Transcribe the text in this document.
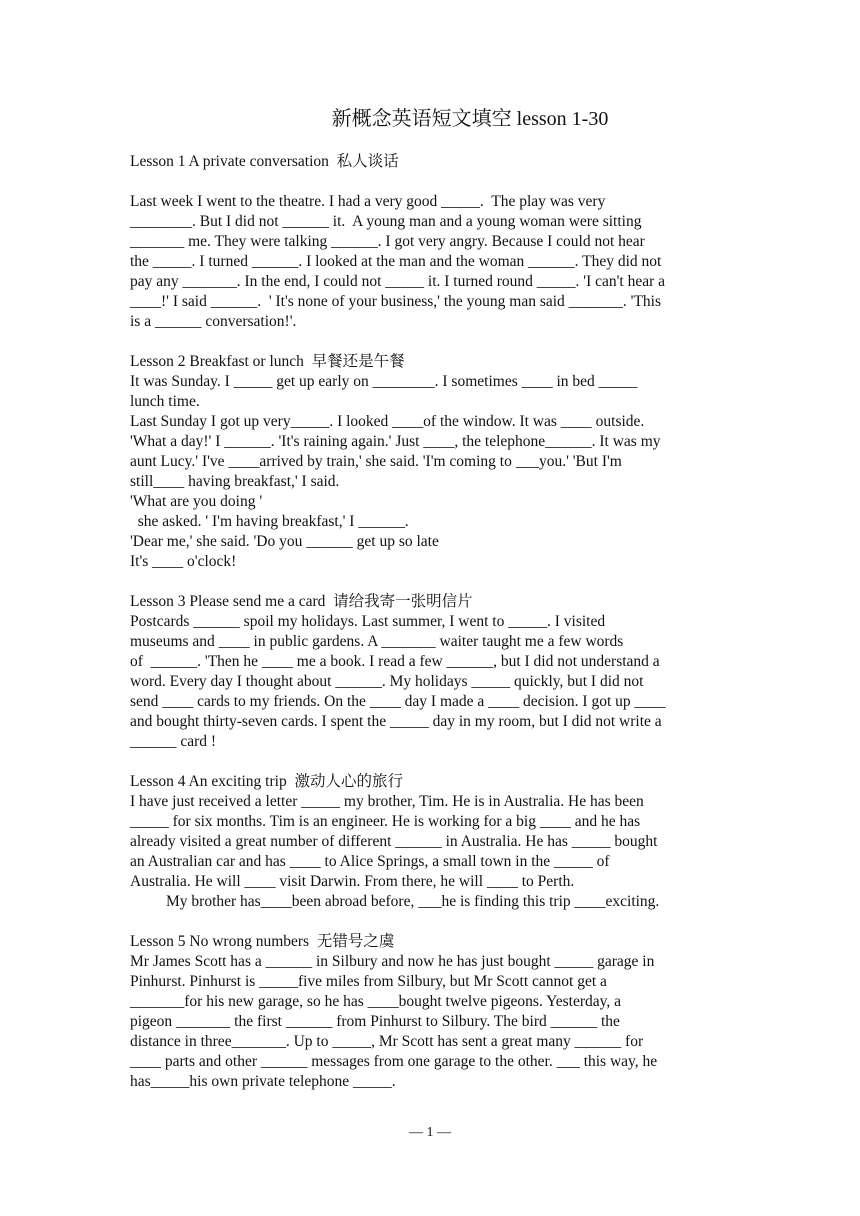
新概念英语短文填空 lesson 1-30
Lesson 1 A private conversation  私人谈话
Last week I went to the theatre. I had a very good _____.  The play was very
________. But I did not ______ it.  A young man and a young woman were sitting
_______ me. They were talking ______. I got very angry. Because I could not hear
the _____. I turned ______. I looked at the man and the woman ______. They did not
pay any _______. In the end, I could not _____ it. I turned round _____. 'I can't hear a
____!' I said ______.  ' It's none of your business,' the young man said _______. 'This
is a ______ conversation!'.
Lesson 2 Breakfast or lunch  早餐还是午餐
It was Sunday. I _____ get up early on ________. I sometimes ____ in bed _____
lunch time.
Last Sunday I got up very_____. I looked ____of the window. It was ____ outside.
'What a day!' I ______. 'It's raining again.' Just ____, the telephone______. It was my
aunt Lucy.' I've ____arrived by train,' she said. 'I'm coming to ___you.' 'But I'm
still____ having breakfast,' I said.
'What are you doing '
she asked. ' I'm having breakfast,' I ______.
'Dear me,' she said. 'Do you ______ get up so late
It's ____ o'clock!
Lesson 3 Please send me a card  请给我寄一张明信片
Postcards ______ spoil my holidays. Last summer, I went to _____. I visited
museums and ____ in public gardens. A _______ waiter taught me a few words
of  ______. 'Then he ____ me a book. I read a few ______, but I did not understand a
word. Every day I thought about ______. My holidays _____ quickly, but I did not
send ____ cards to my friends. On the ____ day I made a ____ decision. I got up ____
and bought thirty-seven cards. I spent the _____ day in my room, but I did not write a
______ card !
Lesson 4 An exciting trip  激动人心的旅行
I have just received a letter _____ my brother, Tim. He is in Australia. He has been
_____ for six months. Tim is an engineer. He is working for a big ____ and he has
already visited a great number of different ______ in Australia. He has _____ bought
an Australian car and has ____ to Alice Springs, a small town in the _____ of
Australia. He will ____ visit Darwin. From there, he will ____ to Perth.
My brother has____been abroad before, ___he is finding this trip ____exciting.
Lesson 5 No wrong numbers  无错号之虞
Mr James Scott has a ______ in Silbury and now he has just bought _____ garage in
Pinhurst. Pinhurst is _____five miles from Silbury, but Mr Scott cannot get a
_______for his new garage, so he has ____bought twelve pigeons. Yesterday, a
pigeon _______ the first ______ from Pinhurst to Silbury. The bird ______ the
distance in three_______. Up to _____, Mr Scott has sent a great many ______ for
____ parts and other ______ messages from one garage to the other. ___ this way, he
has_____his own private telephone _____.
— 1 —
